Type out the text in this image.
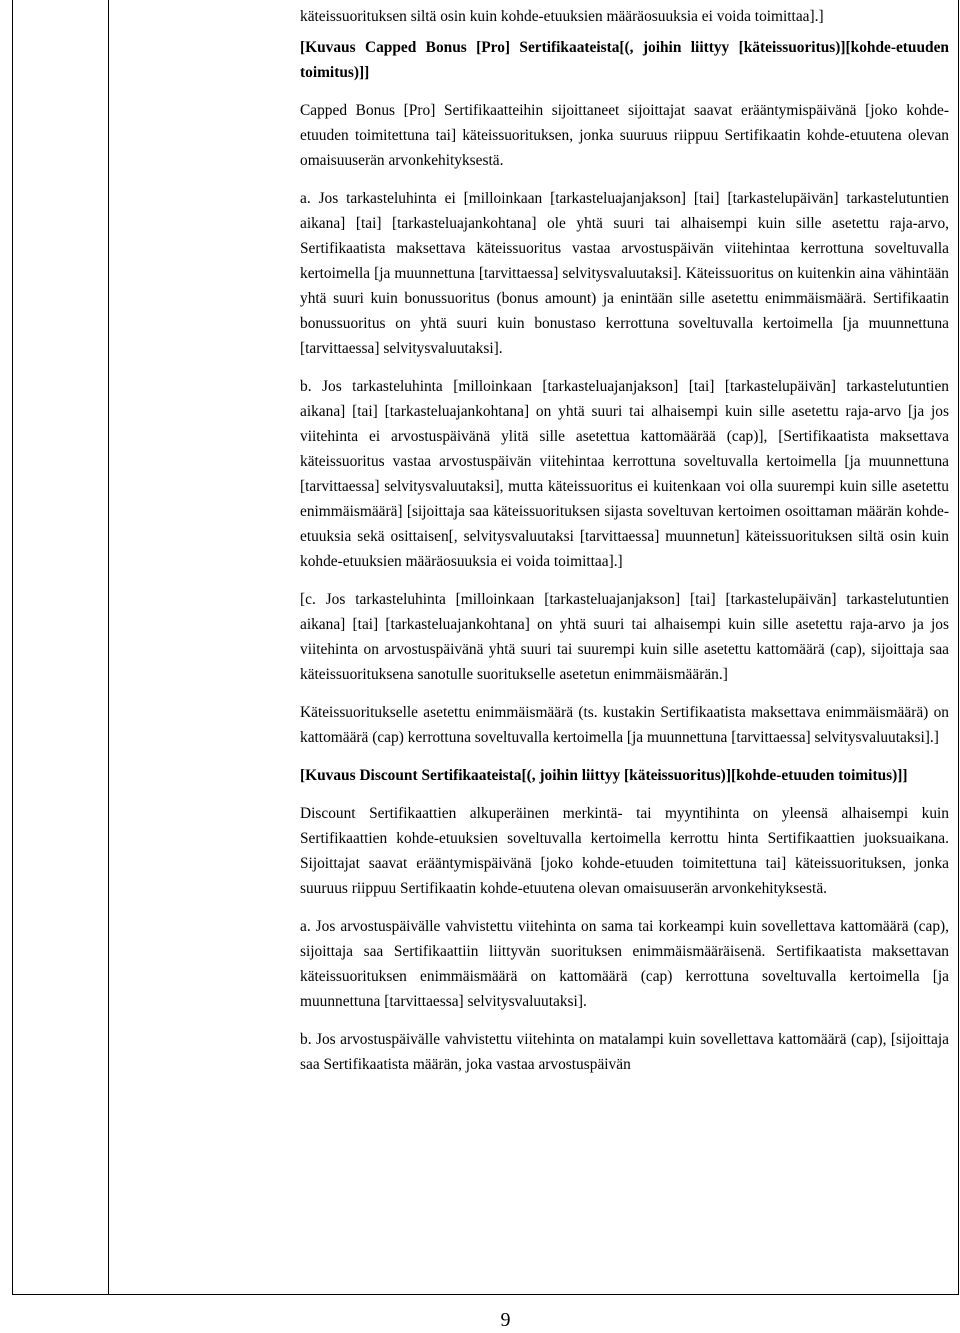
käteissuorituksen siltä osin kuin kohde-etuuksien määräosuuksia ei voida toimittaa].]

[Kuvaus Capped Bonus [Pro] Sertifikaateista[(, joihin liittyy [käteissuoritus)][kohde-etuuden toimitus)]]

Capped Bonus [Pro] Sertifikaatteihin sijoittaneet sijoittajat saavat erääntymispäivänä [joko kohde-etuuden toimitettuna tai] käteissuorituksen, jonka suuruus riippuu Sertifikaatin kohde-etuutena olevan omaisuuserän arvonkehityksestä.

a. Jos tarkasteluhinta ei [milloinkaan [tarkasteluajanjakson] [tai] [tarkastelupäivän] tarkastelutuntien aikana] [tai] [tarkasteluajankohtana] ole yhtä suuri tai alhaisempi kuin sille asetettu raja-arvo, Sertifikaatista maksettava käteissuoritus vastaa arvostuspäivän viitehintaa kerrottuna soveltuvalla kertoimella [ja muunnettuna [tarvittaessa] selvitysvaluutaksi]. Käteissuoritus on kuitenkin aina vähintään yhtä suuri kuin bonussuoritus (bonus amount) ja enintään sille asetettu enimmäismäärä. Sertifikaatin bonussuoritus on yhtä suuri kuin bonustaso kerrottuna soveltuvalla kertoimella [ja muunnettuna [tarvittaessa] selvitysvaluutaksi].

b. Jos tarkasteluhinta [milloinkaan [tarkasteluajanjakson] [tai] [tarkastelupäivän] tarkastelutuntien aikana] [tai] [tarkasteluajankohtana] on yhtä suuri tai alhaisempi kuin sille asetettu raja-arvo [ja jos viitehinta ei arvostuspäivänä ylitä sille asetettua kattomäärää (cap)], [Sertifikaatista maksettava käteissuoritus vastaa arvostuspäivän viitehintaa kerrottuna soveltuvalla kertoimella [ja muunnettuna [tarvittaessa] selvitysvaluutaksi], mutta käteissuoritus ei kuitenkaan voi olla suurempi kuin sille asetettu enimmäismäärä] [sijoittaja saa käteissuorituksen sijasta soveltuvan kertoimen osoittaman määrän kohde-etuuksia sekä osittaisen[, selvitysvaluutaksi [tarvittaessa] muunnetun] käteissuorituksen siltä osin kuin kohde-etuuksien määräosuuksia ei voida toimittaa].]

[c. Jos tarkasteluhinta [milloinkaan [tarkasteluajanjakson] [tai] [tarkastelupäivän] tarkastelutuntien aikana] [tai] [tarkasteluajankohtana] on yhtä suuri tai alhaisempi kuin sille asetettu raja-arvo ja jos viitehinta on arvostuspäivänä yhtä suuri tai suurempi kuin sille asetettu kattomäärä (cap), sijoittaja saa käteissuorituksena sanotulle suoritukselle asetetun enimmäismäärän.]

Käteissuoritukselle asetettu enimmäismäärä (ts. kustakin Sertifikaatista maksettava enimmäismäärä) on kattomäärä (cap) kerrottuna soveltuvalla kertoimella [ja muunnettuna [tarvittaessa] selvitysvaluutaksi].]

[Kuvaus Discount Sertifikaateista[(, joihin liittyy [käteissuoritus)][kohde-etuuden toimitus)]]

Discount Sertifikaattien alkuperäinen merkintä- tai myyntihinta on yleensä alhaisempi kuin Sertifikaattien kohde-etuuksien soveltuvalla kertoimella kerrottu hinta Sertifikaattien juoksuaikana. Sijoittajat saavat erääntymispäivänä [joko kohde-etuuden toimitettuna tai] käteissuorituksen, jonka suuruus riippuu Sertifikaatin kohde-etuutena olevan omaisuuserän arvonkehityksestä.

a. Jos arvostuspäivälle vahvistettu viitehinta on sama tai korkeampi kuin sovellettava kattomäärä (cap), sijoittaja saa Sertifikaattiin liittyvän suorituksen enimmäismääräisenä. Sertifikaatista maksettavan käteissuorituksen enimmäismäärä on kattomäärä (cap) kerrottuna soveltuvalla kertoimella [ja muunnettuna [tarvittaessa] selvitysvaluutaksi].

b. Jos arvostuspäivälle vahvistettu viitehinta on matalampi kuin sovellettava kattomäärä (cap), [sijoittaja saa Sertifikaatista määrän, joka vastaa arvostuspäivän

9
